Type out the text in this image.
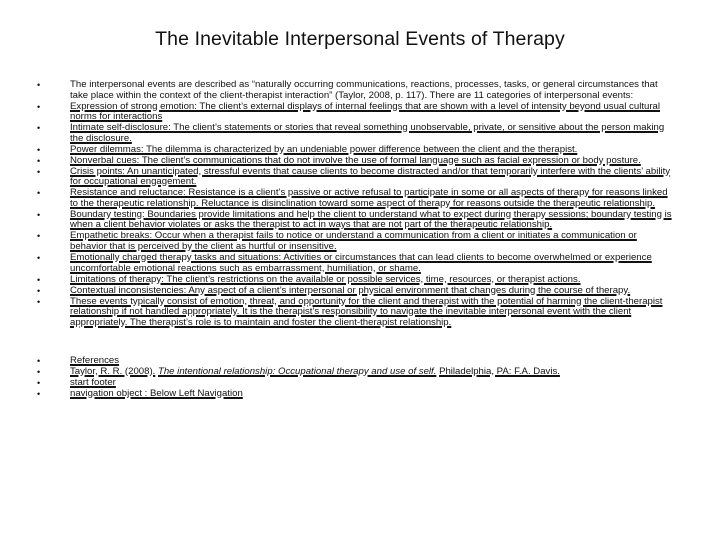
The Inevitable Interpersonal Events of Therapy
•	The interpersonal events are described as “naturally occurring communications, reactions, processes, tasks, or general circumstances that take place within the context of the client-therapist interaction” (Taylor, 2008, p. 117). There are 11 categories of interpersonal events:
•	Expression of strong emotion: The client’s external displays of internal feelings that are shown with a level of intensity beyond usual cultural norms for interactions
•	Intimate self-disclosure: The client’s statements or stories that reveal something unobservable, private, or sensitive about the person making the disclosure.
•	Power dilemmas: The dilemma is characterized by an undeniable power difference between the client and the therapist.
•	Nonverbal cues: The client’s communications that do not involve the use of formal language such as facial expression or body posture.
•	Crisis points: An unanticipated, stressful events that cause clients to become distracted and/or that temporarily interfere with the clients’ ability for occupational engagement.
•	Resistance and reluctance: Resistance is a client’s passive or active refusal to participate in some or all aspects of therapy for reasons linked to the therapeutic relationship. Reluctance is disinclination toward some aspect of therapy for reasons outside the therapeutic relationship.
•	Boundary testing: Boundaries provide limitations and help the client to understand what to expect during therapy sessions; boundary testing is when a client behavior violates or asks the therapist to act in ways that are not part of the therapeutic relationship.
•	Empathetic breaks: Occur when a therapist fails to notice or understand a communication from a client or initiates a communication or behavior that is perceived by the client as hurtful or insensitive.
•	Emotionally charged therapy tasks and situations: Activities or circumstances that can lead clients to become overwhelmed or experience uncomfortable emotional reactions such as embarrassment, humiliation, or shame.
•	Limitations of therapy: The client’s restrictions on the available or possible services, time, resources, or therapist actions.
•	Contextual inconsistencies: Any aspect of a client’s interpersonal or physical environment that changes during the course of therapy.
•	These events typically consist of emotion, threat, and opportunity for the client and therapist with the potential of harming the client-therapist relationship if not handled appropriately. It is the therapist’s responsibility to navigate the inevitable interpersonal event with the client appropriately. The therapist’s role is to maintain and foster the client-therapist relationship.
•	References
•	Taylor, R. R. (2008). The intentional relationship: Occupational therapy and use of self. Philadelphia, PA: F.A. Davis.
•	start footer
•	navigation object : Below Left Navigation
